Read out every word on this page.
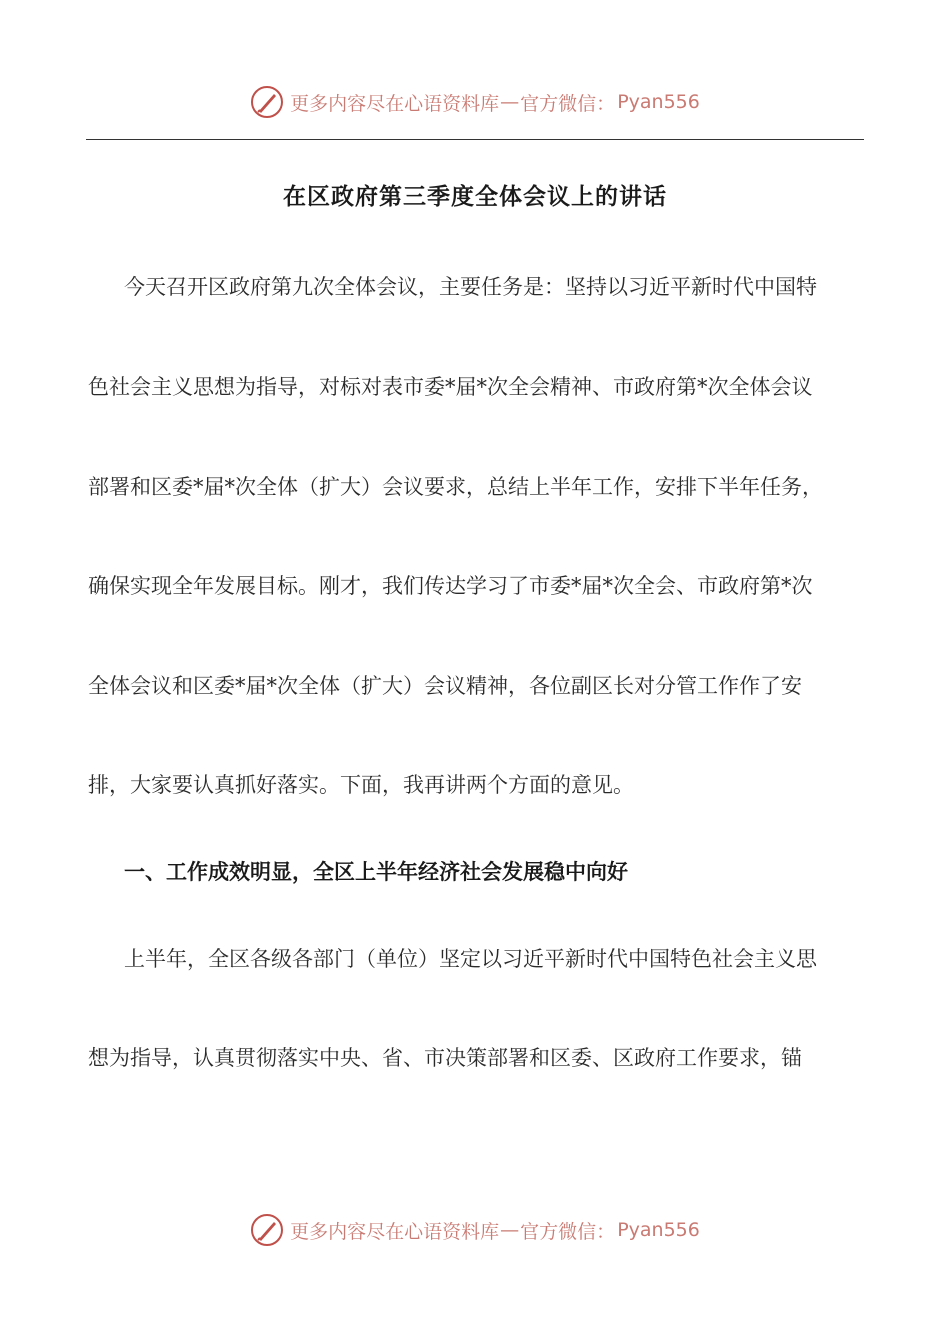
更多内容尽在心语资料库 — 官方微信： Pyan556
在区政府第三季度全体会议上的讲话
今天召开区政府第九次全体会议，主要任务是：坚持以习近平新时代中国特
色社会主义思想为指导，对标对表市委*届*次全会精神、市政府第*次全体会议
部署和区委*届*次全体（扩大）会议要求，总结上半年工作，安排下半年任务，
确保实现全年发展目标。刚才，我们传达学习了市委*届*次全会、市政府第*次
全体会议和区委*届*次全体（扩大）会议精神，各位副区长对分管工作作了安
排，大家要认真抓好落实。下面，我再讲两个方面的意见。
一、工作成效明显，全区上半年经济社会发展稳中向好
上半年，全区各级各部门（单位）坚定以习近平新时代中国特色社会主义思
想为指导，认真贯彻落实中央、省、市决策部署和区委、区政府工作要求，锚
更多内容尽在心语资料库 — 官方微信： Pyan556
